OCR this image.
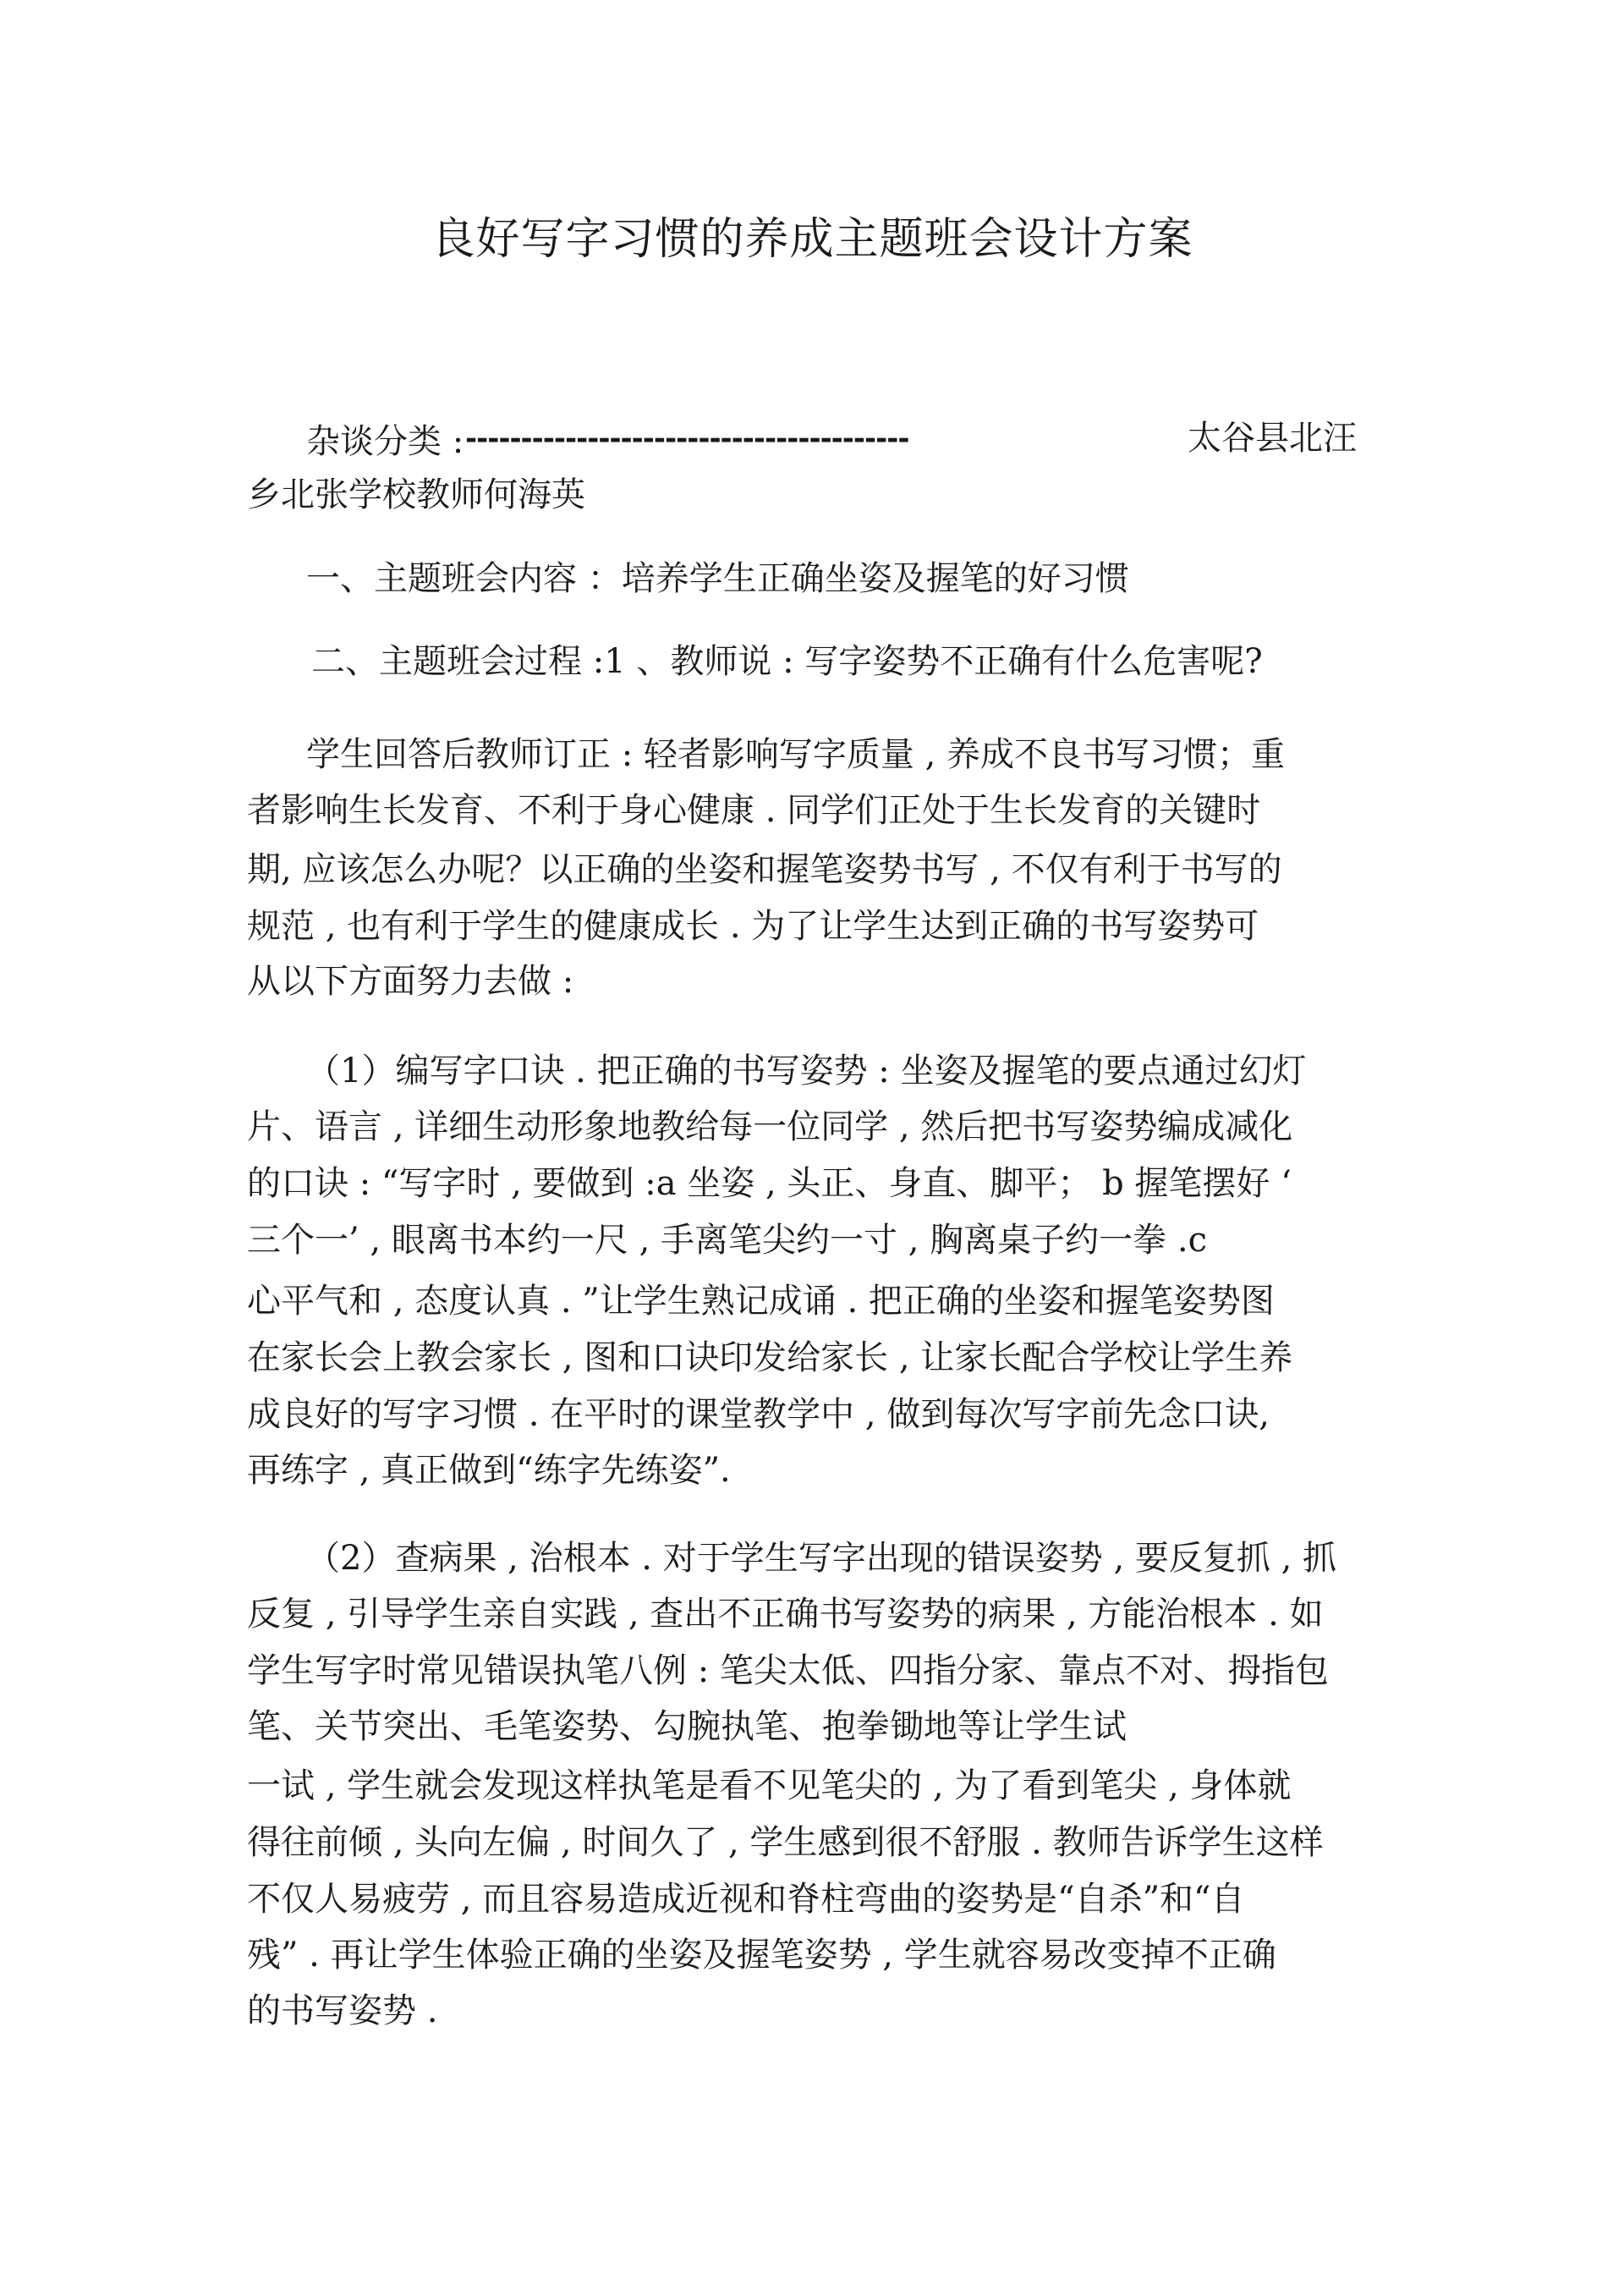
良好写字习惯的养成主题班会设计方案
杂谈分类 : ----------------------------------------	太谷县北汪
乡北张学校教师何海英
一、主题班会内容 ：培养学生正确坐姿及握笔的好习惯
二、主题班会过程 :1 、教师说 : 写字姿势不正确有什么危害呢?
学生回答后教师订正 : 轻者影响写字质量 , 养成不良书写习惯；重
者影响生长发育、不利于身心健康 . 同学们正处于生长发育的关键时
期, 应该怎么办呢？以正确的坐姿和握笔姿势书写 , 不仅有利于书写的
规范 , 也有利于学生的健康成长 . 为了让学生达到正确的书写姿势可
从以下方面努力去做 :
（1）编写字口诀 . 把正确的书写姿势 : 坐姿及握笔的要点通过幻灯
片、语言 , 详细生动形象地教给每一位同学 , 然后把书写姿势编成减化
的口诀 : “写字时 , 要做到 :a 坐姿 , 头正、身直、脚平； b 握笔摆好 ‘
三个一’ , 眼离书本约一尺 , 手离笔尖约一寸 , 胸离桌子约一拳 .c
心平气和 , 态度认真 . ”让学生熟记成诵 . 把正确的坐姿和握笔姿势图
在家长会上教会家长 , 图和口诀印发给家长 , 让家长配合学校让学生养
成良好的写字习惯 . 在平时的课堂教学中 , 做到每次写字前先念口诀,
再练字 , 真正做到“练字先练姿”.
（2）查病果 , 治根本 . 对于学生写字出现的错误姿势 , 要反复抓 , 抓
反复 , 引导学生亲自实践 , 查出不正确书写姿势的病果 , 方能治根本 . 如
学生写字时常见错误执笔八例 : 笔尖太低、四指分家、靠点不对、拇指包
笔、关节突出、毛笔姿势、勾腕执笔、抱拳锄地等让学生试
一试 , 学生就会发现这样执笔是看不见笔尖的 , 为了看到笔尖 , 身体就
得往前倾 , 头向左偏 , 时间久了 , 学生感到很不舒服 . 教师告诉学生这样
不仅人易疲劳 , 而且容易造成近视和脊柱弯曲的姿势是“自杀”和“自
残” . 再让学生体验正确的坐姿及握笔姿势 , 学生就容易改变掉不正确
的书写姿势 .
